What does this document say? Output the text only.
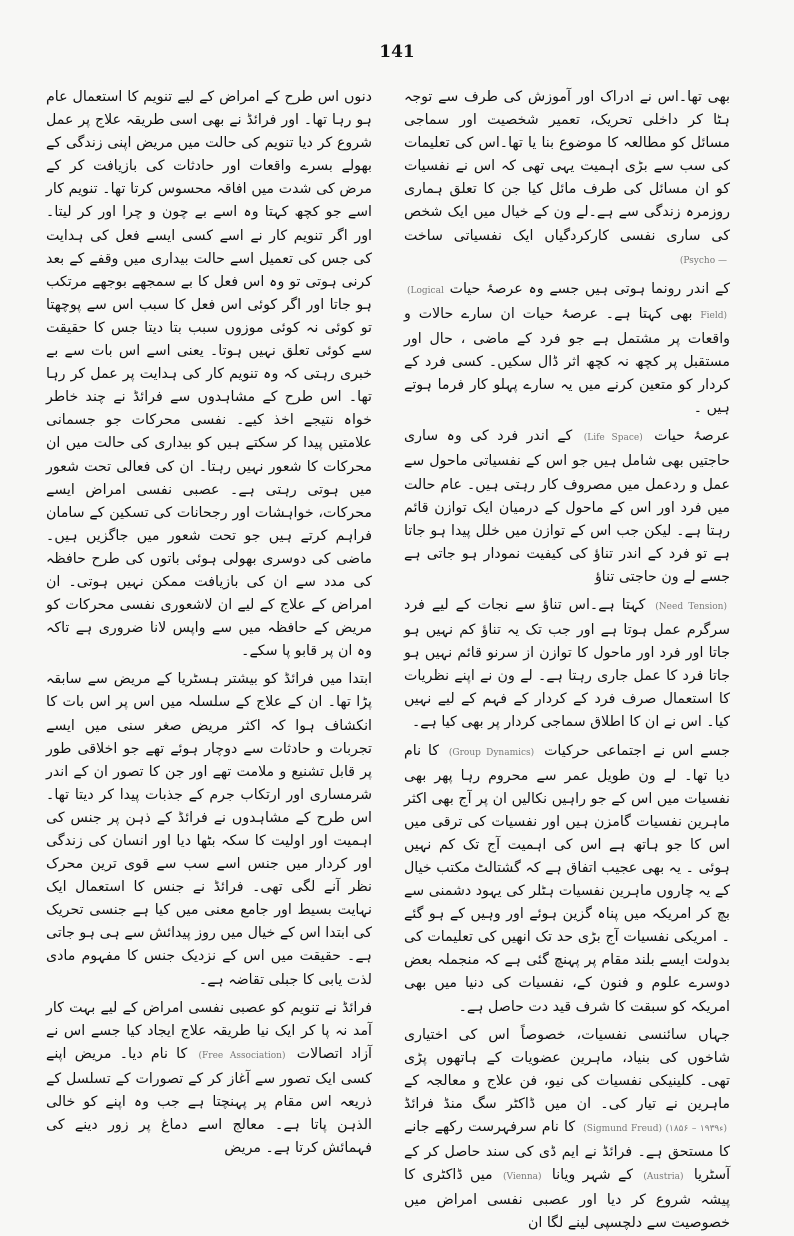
141

بھی تھا۔اس نے ادراک اور آموزش کی طرف سے توجہ ہٹا کر داخلی تحریک، تعمیر شخصیت اور سماجی مسائل کو مطالعہ کا موضوع بنا یا تھا۔اس کی تعلیمات کی سب سے بڑی اہمیت یہی تھی کہ اس نے نفسیات کو ان مسائل کی طرف مائل کیا جن کا تعلق ہماری روزمرہ زندگی سے ہے۔لے ون کے خیال میں ایک شخص کی ساری نفسی کارکردگیاں ایک نفسیاتی ساخت (Psycho —

کے اندر رونما ہوتی ہیں جسے وہ عرصۂ حیات (Logical Field) بھی کہتا ہے۔ عرصۂ حیات ان سارے حالات و واقعات پر مشتمل ہے جو فرد کے ماضی ، حال اور مستقبل پر کچھ نہ کچھ اثر ڈال سکیں۔ کسی فرد کے کردار کو متعین کرنے میں یہ سارے پہلو کار فرما ہوتے ہیں ۔

عرصۂ حیات (Life Space) کے اندر فرد کی وہ ساری حاجتیں بھی شامل ہیں جو اس کے نفسیاتی ماحول سے عمل و ردعمل میں مصروف کار رہتی ہیں۔ عام حالت میں فرد اور اس کے ماحول کے درمیان ایک توازن قائم رہتا ہے۔ لیکن جب اس کے توازن میں خلل پیدا ہو جاتا ہے تو فرد کے اندر تناؤ کی کیفیت نمودار ہو جاتی ہے جسے لے ون حاجتی تناؤ

(Need Tension) کہتا ہے۔اس تناؤ سے نجات کے لیے فرد سرگرم عمل ہوتا ہے اور جب تک یہ تناؤ کم نہیں ہو جاتا اور فرد اور ماحول کا توازن از سرنو قائم نہیں ہو جاتا فرد کا عمل جاری رہتا ہے۔ لے ون نے اپنے نظریات کا استعمال صرف فرد کے کردار کے فہم کے لیے نہیں کیا۔ اس نے ان کا اطلاق سماجی کردار پر بھی کیا ہے۔

جسے اس نے اجتماعی حرکیات (Group Dynamics) کا نام دیا تھا۔ لے ون طویل عمر سے محروم رہا پھر بھی نفسیات میں اس کے جو راہیں نکالیں ان پر آج بھی اکثر ماہرین نفسیات گامزن ہیں اور نفسیات کی ترقی میں اس کا جو ہاتھ ہے اس کی اہمیت آج تک کم نہیں ہوئی ۔ یہ بھی عجیب اتفاق ہے کہ گشتالٹ مکتب خیال کے یہ چاروں ماہرین نفسیات ہٹلر کی یہود دشمنی سے بچ کر امریکہ میں پناہ گزین ہوئے اور وہیں کے ہو گئے ۔ امریکی نفسیات آج بڑی حد تک انھیں کی تعلیمات کی بدولت ایسے بلند مقام پر پہنچ گئی ہے کہ منجملہ بعض دوسرے علوم و فنون کے، نفسیات کی دنیا میں بھی امریکہ کو سبقت کا شرف قید دت حاصل ہے۔

جہاں سائنسی نفسیات، خصوصاً اس کی اختیاری شاخوں کی بنیاد، ماہرین عضویات کے ہاتھوں پڑی تھی۔ کلینیکی نفسیات کی نیو، فن علاج و معالجہ کے ماہرین نے تیار کی۔ ان میں ڈاکٹر سگ منڈ فرائڈ (Sigmund Freud) (۱۸۵۶ – ۱۹۳۹ء) کا نام سرفہرست رکھے جانے کا مستحق ہے۔ فرائڈ نے ایم ڈی کی سند حاصل کر کے آسٹریا (Austria) کے شہر ویانا (Vienna) میں ڈاکٹری کا پیشہ شروع کر دیا اور عصبی نفسی امراض میں خصوصیت سے دلچسپی لینے لگا ان

دنوں اس طرح کے امراض کے لیے تنویم کا استعمال عام ہو رہا تھا۔ اور فرائڈ نے بھی اسی طریقہ علاج پر عمل شروع کر دیا تنویم کی حالت میں مریض اپنی زندگی کے بھولے بسرے واقعات اور حادثات کی بازیافت کر کے مرض کی شدت میں افاقہ محسوس کرتا تھا۔ تنویم کار اسے جو کچھ کہتا وہ اسے بے چون و چرا اور کر لیتا۔ اور اگر تنویم کار نے اسے کسی ایسے فعل کی ہدایت کی جس کی تعمیل اسے حالت بیداری میں وقفے کے بعد کرنی ہوتی تو وہ اس فعل کا بے سمجھے بوجھے مرتکب ہو جاتا اور اگر کوئی اس فعل کا سبب اس سے پوچھتا تو کوئی نہ کوئی موزوں سبب بتا دیتا جس کا حقیقت سے کوئی تعلق نہیں ہوتا۔ یعنی اسے اس بات سے بے خبری رہتی کہ وہ تنویم کار کی ہدایت پر عمل کر رہا تھا۔ اس طرح کے مشاہدوں سے فرائڈ نے چند خاطر خواہ نتیجے اخذ کیے۔ نفسی محرکات جو جسمانی علامتیں پیدا کر سکتے ہیں کو بیداری کی حالت میں ان محرکات کا شعور نہیں رہتا۔ ان کی فعالی تحت شعور میں ہوتی رہتی ہے۔ عصبی نفسی امراض ایسے محرکات، خواہشات اور رجحانات کی تسکین کے سامان فراہم کرتے ہیں جو تحت شعور میں جاگزیں ہیں۔ ماضی کی دوسری بھولی ہوئی باتوں کی طرح حافظہ کی مدد سے ان کی بازیافت ممکن نہیں ہوتی۔ ان امراض کے علاج کے لیے ان لاشعوری نفسی محرکات کو مریض کے حافظہ میں سے واپس لانا ضروری ہے تاکہ وہ ان پر قابو پا سکے۔

ابتدا میں فرائڈ کو بیشتر ہسٹریا کے مریض سے سابقہ پڑا تھا۔ ان کے علاج کے سلسلہ میں اس پر اس بات کا انکشاف ہوا کہ اکثر مریض صغر سنی میں ایسے تجربات و حادثات سے دوچار ہوئے تھے جو اخلاقی طور پر قابل تشنیع و ملامت تھے اور جن کا تصور ان کے اندر شرمساری اور ارتکاب جرم کے جذبات پیدا کر دیتا تھا۔ اس طرح کے مشاہدوں نے فرائڈ کے ذہن پر جنس کی اہمیت اور اولیت کا سکہ بٹھا دیا اور انسان کی زندگی اور کردار میں جنس اسے سب سے قوی ترین محرک نظر آنے لگی تھی۔ فرائڈ نے جنس کا استعمال ایک نہایت بسیط اور جامع معنی میں کیا ہے جنسی تحریک کی ابتدا اس کے خیال میں روز پیدائش سے ہی ہو جاتی ہے۔ حقیقت میں اس کے نزدیک جنس کا مفہوم مادی لذت یابی کا جبلی تقاضہ ہے۔

فرائڈ نے تنویم کو عصبی نفسی امراض کے لیے بہت کار آمد نہ پا کر ایک نیا طریقہ علاج ایجاد کیا جسے اس نے آزاد اتصالات (Free Association) کا نام دیا۔ مریض اپنے کسی ایک تصور سے آغاز کر کے تصورات کے تسلسل کے ذریعہ اس مقام پر پہنچتا ہے جب وہ اپنے کو خالی الذہن پاتا ہے۔ معالج اسے دماغ پر زور دینے کی فہمائش کرتا ہے۔ مریض
